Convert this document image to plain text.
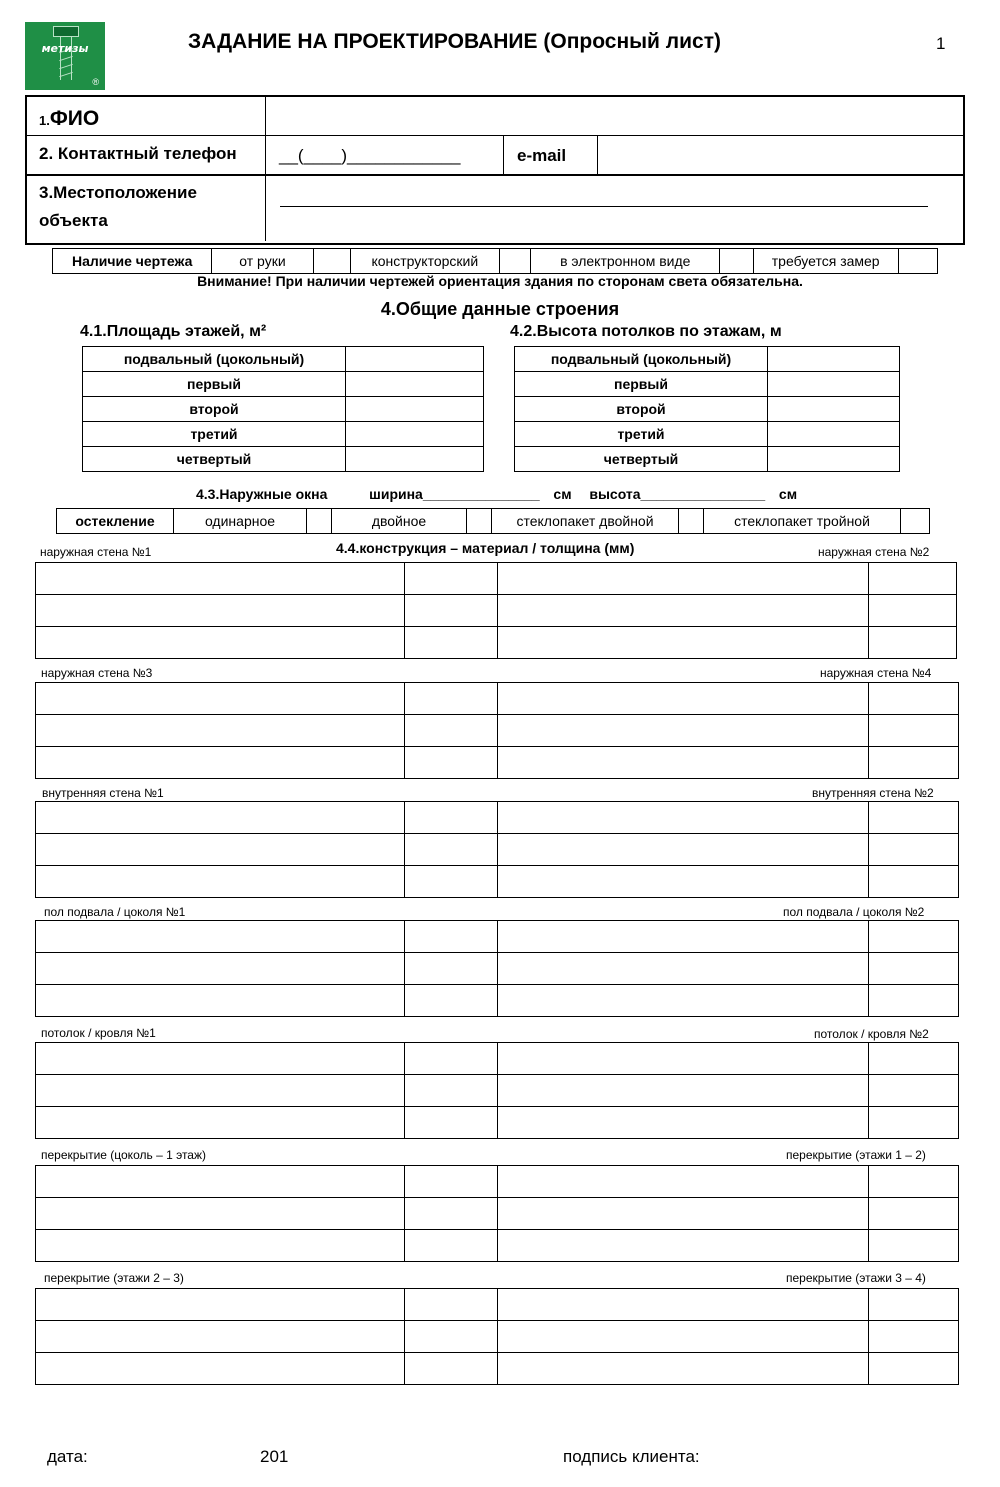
метизы
®
ЗАДАНИЕ НА ПРОЕКТИРОВАНИЕ (Опросный лист)	1
1.ФИО
2. Контактный телефон __(____)____________	e-mail
3.Местоположение
объекта
Наличие чертежа	от руки		конструкторский		в электронном виде		требуется замер	
Внимание! При наличии чертежей ориентация здания по сторонам света обязательна.
4.Общие данные строения
4.1.Площадь этажей, м²	4.2.Высота потолков по этажам, м
подвальный (цокольный)	
первый	
второй	
третий	
четвертый	
подвальный (цокольный)	
первый	
второй	
третий	
четвертый	
4.3.Наружные окна	ширина_______________ см высота________________ см
остекление	одинарное		двойное		стеклопакет двойной		стеклопакет тройной	
4.4.конструкция – материал / толщина (мм)
наружная стена №1	наружная стена №2

наружная стена №3	наружная стена №4

внутренняя стена №1	внутренняя стена №2

пол подвала / цоколя №1	пол подвала / цоколя №2

потолок / кровля №1	потолок / кровля №2

перекрытие (цоколь – 1 этаж)	перекрытие (этажи 1 – 2)

перекрытие (этажи 2 – 3)	перекрытие (этажи 3 – 4)

дата:	201	подпись клиента:
